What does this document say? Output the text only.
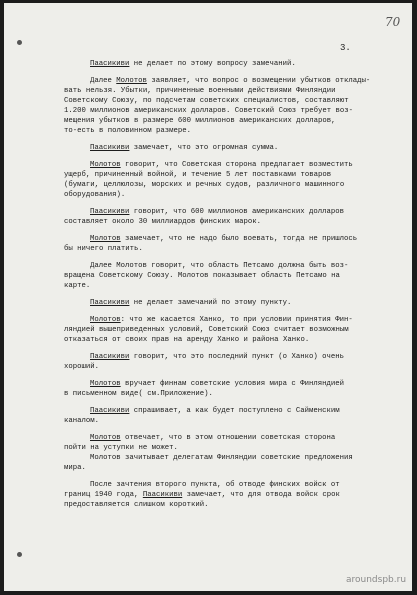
70
3.
Паасикиви не делает по этому вопросу замечаний.
Далее Молотов заявляет, что вопрос о возмещении убытков отклады-
вать нельзя. Убытки, причиненные военными действиями Финляндии
Советскому Союзу, по подсчетам советских специалистов, составляют
1.200 миллионов американских долларов. Советский Союз требует воз-
мещения убытков в размере 600 миллионов американских долларов,
то-есть в половинном размере.
Паасикиви замечает, что это огромная сумма.
Молотов говорит, что Советская сторона предлагает возместить
ущерб, причиненный войной, и течение 5 лет поставками товаров
(бумаги, целлюлозы, морских и речных судов, различного машинного
оборудования).
Паасикиви говорит, что 600 миллионов американских долларов
составляет около 30 миллиардов финских марок.
Молотов замечает, что не надо было воевать, тогда не пришлось
бы ничего платить.
Далее Молотов говорит, что область Петсамо должна быть воз-
вращена Советскому Союзу. Молотов показывает область Петсамо на
карте.
Паасикиви не делает замечаний по этому пункту.
Молотов: что же касается Ханко, то при условии принятия Фин-
ляндией вышеприведенных условий, Советский Союз считает возможным
отказаться от своих прав на аренду Ханко и района Ханко.
Паасикиви говорит, что это последний пункт (о Ханко) очень
хороший.
Молотов вручает финнам советские условия мира с Финляндией
в письменном виде( см.Приложение).
Паасикиви спрашивает, а как будет поступлено с Сайменским
каналом.
Молотов отвечает, что в этом отношении советская сторона
пойти на уступки не может.
Молотов зачитывает делегатам Финляндии советские предложения
мира.
После зачтения второго пункта, об отводе финских войск от
границ 1940 года, Паасикиви замечает, что для отвода войск срок
предоставляется слишком короткий.
aroundspb.ru
